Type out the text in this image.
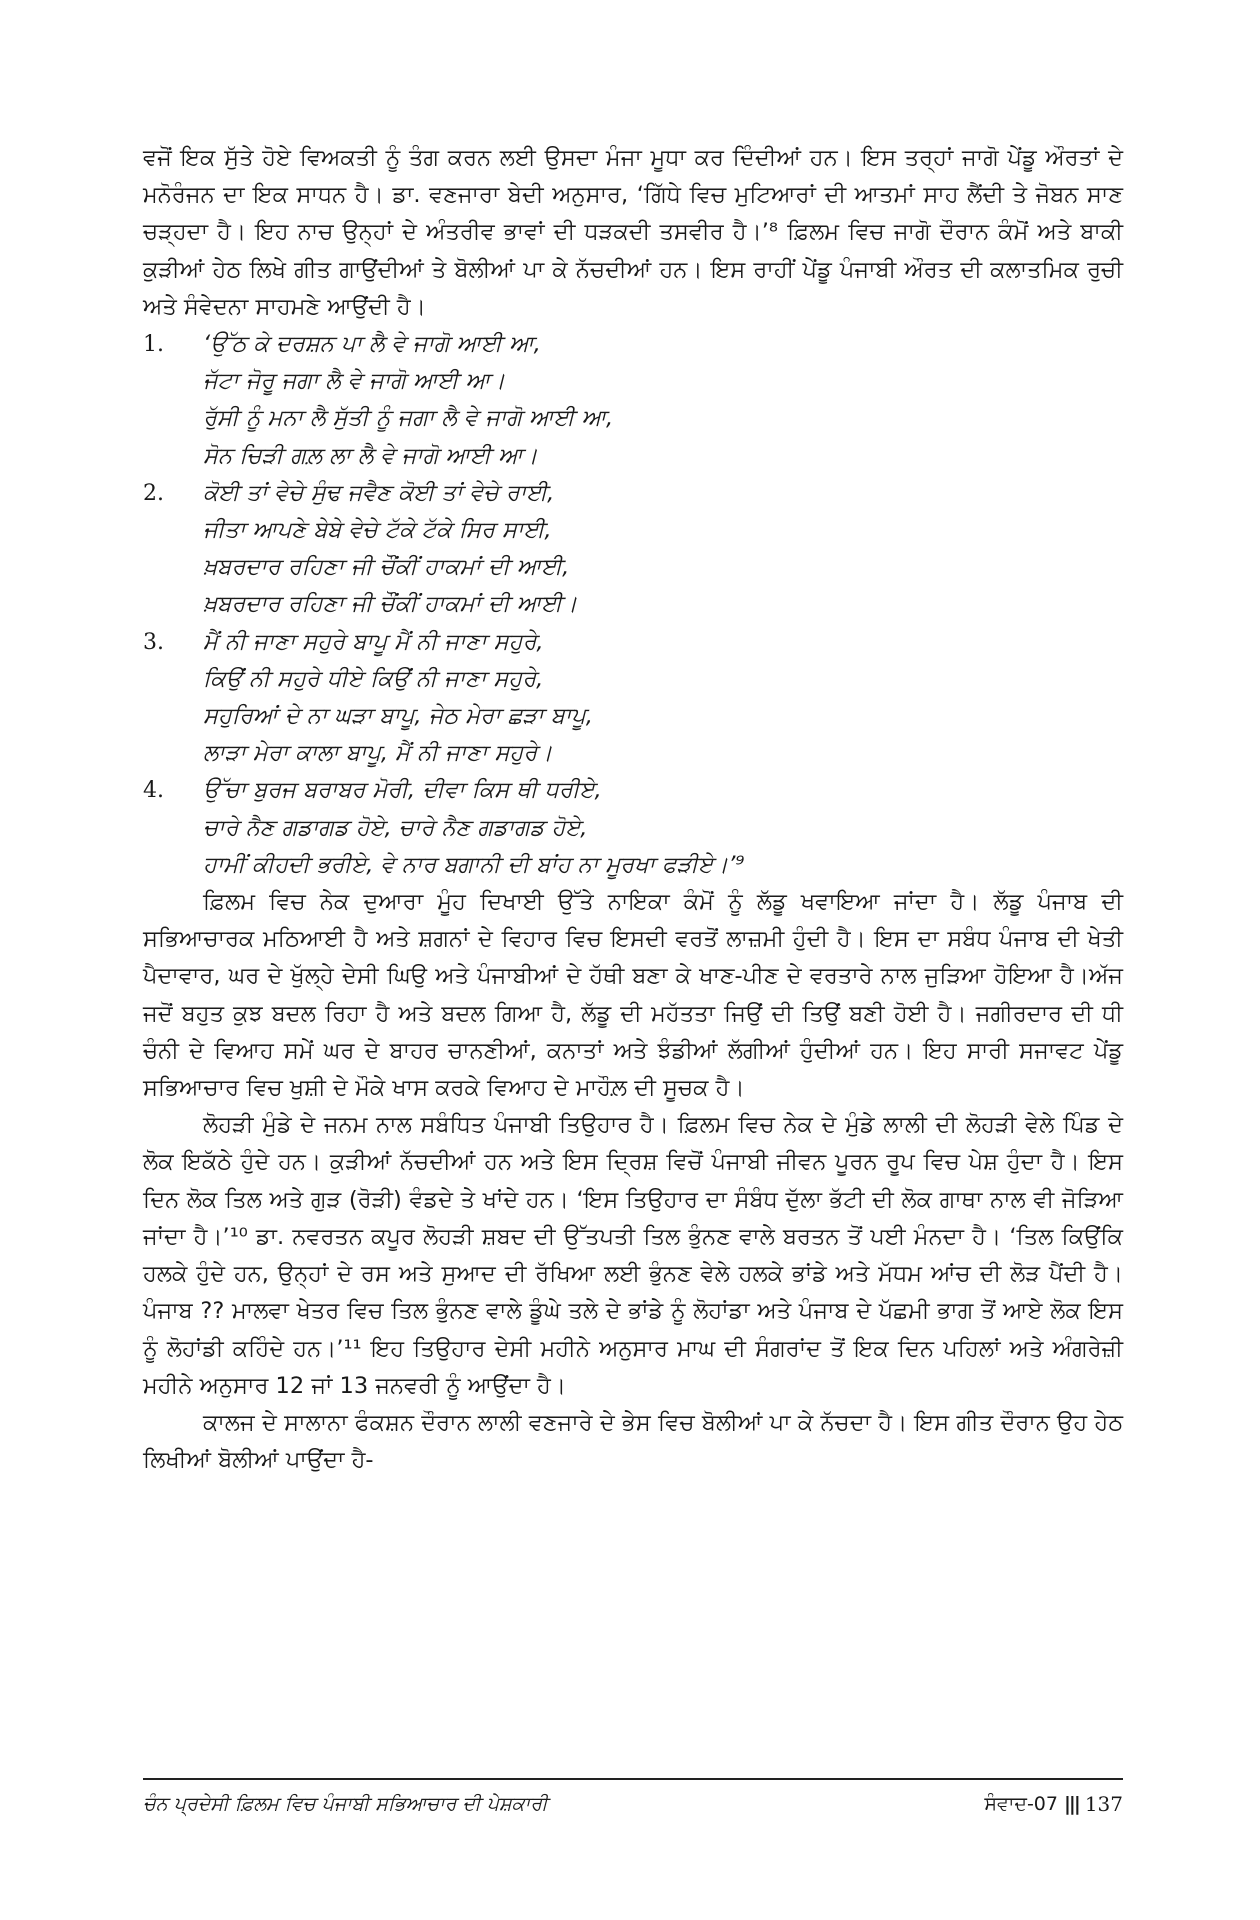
ਵਜੋਂ ਇਕ ਸੁੱਤੇ ਹੋਏ ਵਿਅਕਤੀ ਨੂੰ ਤੰਗ ਕਰਨ ਲਈ ਉਸਦਾ ਮੰਜਾ ਮੂਧਾ ਕਰ ਦਿੰਦੀਆਂ ਹਨ। ਇਸ ਤਰ੍ਹਾਂ ਜਾਗੋ ਪੇਂਡੂ ਔਰਤਾਂ ਦੇ ਮਨੋਰੰਜਨ ਦਾ ਇਕ ਸਾਧਨ ਹੈ। ਡਾ. ਵਣਜਾਰਾ ਬੇਦੀ ਅਨੁਸਾਰ, ‘ਗਿੱਧੇ ਵਿਚ ਮੁਟਿਆਰਾਂ ਦੀ ਆਤਮਾਂ ਸਾਹ ਲੈਂਦੀ ਤੇ ਜੋਬਨ ਸਾਣ ਚੜ੍ਹਦਾ ਹੈ। ਇਹ ਨਾਚ ਉਨ੍ਹਾਂ ਦੇ ਅੰਤਰੀਵ ਭਾਵਾਂ ਦੀ ਧੜਕਦੀ ਤਸਵੀਰ ਹੈ।’⁸ ਫ਼ਿਲਮ ਵਿਚ ਜਾਗੋ ਦੌਰਾਨ ਕੰਮੋਂ ਅਤੇ ਬਾਕੀ ਕੁੜੀਆਂ ਹੇਠ ਲਿਖੇ ਗੀਤ ਗਾਉਂਦੀਆਂ ਤੇ ਬੋਲੀਆਂ ਪਾ ਕੇ ਨੱਚਦੀਆਂ ਹਨ। ਇਸ ਰਾਹੀਂ ਪੇਂਡੂ ਪੰਜਾਬੀ ਔਰਤ ਦੀ ਕਲਾਤਮਿਕ ਰੁਚੀ ਅਤੇ ਸੰਵੇਦਨਾ ਸਾਹਮਣੇ ਆਉਂਦੀ ਹੈ।

1.	‘ਉੱਠ ਕੇ ਦਰਸ਼ਨ ਪਾ ਲੈ ਵੇ ਜਾਗੋ ਆਈ ਆ,
ਜੱਟਾ ਜੋਰੂ ਜਗਾ ਲੈ ਵੇ ਜਾਗੋ ਆਈ ਆ।
ਰੁੱਸੀ ਨੂੰ ਮਨਾ ਲੈ ਸੁੱਤੀ ਨੂੰ ਜਗਾ ਲੈ ਵੇ ਜਾਗੋ ਆਈ ਆ,
ਸੋਨ ਚਿੜੀ ਗਲ਼ ਲਾ ਲੈ ਵੇ ਜਾਗੋ ਆਈ ਆ।
2.	ਕੋਈ ਤਾਂ ਵੇਚੇ ਸੁੰਢ ਜਵੈਣ ਕੋਈ ਤਾਂ ਵੇਚੇ ਰਾਈ,
ਜੀਤਾ ਆਪਣੇ ਬੇਬੇ ਵੇਚੇ ਟੱਕੇ ਟੱਕੇ ਸਿਰ ਸਾਈ,
ਖ਼ਬਰਦਾਰ ਰਹਿਣਾ ਜੀ ਚੌਂਕੀਂ ਹਾਕਮਾਂ ਦੀ ਆਈ,
ਖ਼ਬਰਦਾਰ ਰਹਿਣਾ ਜੀ ਚੌਂਕੀਂ ਹਾਕਮਾਂ ਦੀ ਆਈ।
3.	ਮੈਂ ਨੀ ਜਾਣਾ ਸਹੁਰੇ ਬਾਪੂ ਮੈਂ ਨੀ ਜਾਣਾ ਸਹੁਰੇ,
ਕਿਉਂ ਨੀ ਸਹੁਰੇ ਧੀਏ ਕਿਉਂ ਨੀ ਜਾਣਾ ਸਹੁਰੇ,
ਸਹੁਰਿਆਂ ਦੇ ਨਾ ਘੜਾ ਬਾਪੂ, ਜੇਠ ਮੇਰਾ ਛੜਾ ਬਾਪੂ,
ਲਾੜਾ ਮੇਰਾ ਕਾਲਾ ਬਾਪੂ, ਮੈਂ ਨੀ ਜਾਣਾ ਸਹੁਰੇ।
4.	ਉੱਚਾ ਬੁਰਜ ਬਰਾਬਰ ਮੋਰੀ, ਦੀਵਾ ਕਿਸ ਥੀ ਧਰੀਏ,
ਚਾਰੇ ਨੈਣ ਗਡਾਗਡ ਹੋਏ, ਚਾਰੇ ਨੈਣ ਗਡਾਗਡ ਹੋਏ,
ਹਾਮੀਂ ਕੀਹਦੀ ਭਰੀਏ, ਵੇ ਨਾਰ ਬਗਾਨੀ ਦੀ ਬਾਂਹ ਨਾ ਮੂਰਖਾ ਫੜੀਏ।’⁹

ਫ਼ਿਲਮ ਵਿਚ ਨੇਕ ਦੁਆਰਾ ਮੂੰਹ ਦਿਖਾਈ ਉੱਤੇ ਨਾਇਕਾ ਕੰਮੋਂ ਨੂੰ ਲੱਡੂ ਖਵਾਇਆ ਜਾਂਦਾ ਹੈ। ਲੱਡੂ ਪੰਜਾਬ ਦੀ ਸਭਿਆਚਾਰਕ ਮਠਿਆਈ ਹੈ ਅਤੇ ਸ਼ਗਨਾਂ ਦੇ ਵਿਹਾਰ ਵਿਚ ਇਸਦੀ ਵਰਤੋਂ ਲਾਜ਼ਮੀ ਹੁੰਦੀ ਹੈ। ਇਸ ਦਾ ਸਬੰਧ ਪੰਜਾਬ ਦੀ ਖੇਤੀ ਪੈਦਾਵਾਰ, ਘਰ ਦੇ ਖੁੱਲ੍ਹੇ ਦੇਸੀ ਘਿਉ ਅਤੇ ਪੰਜਾਬੀਆਂ ਦੇ ਹੱਥੀ ਬਣਾ ਕੇ ਖਾਣ-ਪੀਣ ਦੇ ਵਰਤਾਰੇ ਨਾਲ ਜੁੜਿਆ ਹੋਇਆ ਹੈ।ਅੱਜ ਜਦੋਂ ਬਹੁਤ ਕੁਝ ਬਦਲ ਰਿਹਾ ਹੈ ਅਤੇ ਬਦਲ ਗਿਆ ਹੈ, ਲੱਡੂ ਦੀ ਮਹੱਤਤਾ ਜਿਉਂ ਦੀ ਤਿਉਂ ਬਣੀ ਹੋਈ ਹੈ। ਜਗੀਰਦਾਰ ਦੀ ਧੀ ਚੰਨੀ ਦੇ ਵਿਆਹ ਸਮੇਂ ਘਰ ਦੇ ਬਾਹਰ ਚਾਨਣੀਆਂ, ਕਨਾਤਾਂ ਅਤੇ ਝੰਡੀਆਂ ਲੱਗੀਆਂ ਹੁੰਦੀਆਂ ਹਨ। ਇਹ ਸਾਰੀ ਸਜਾਵਟ ਪੇਂਡੂ ਸਭਿਆਚਾਰ ਵਿਚ ਖੁਸ਼ੀ ਦੇ ਮੌਕੇ ਖਾਸ ਕਰਕੇ ਵਿਆਹ ਦੇ ਮਾਹੌਲ਼ ਦੀ ਸੂਚਕ ਹੈ।

ਲੋਹੜੀ ਮੁੰਡੇ ਦੇ ਜਨਮ ਨਾਲ ਸਬੰਧਿਤ ਪੰਜਾਬੀ ਤਿਉਹਾਰ ਹੈ। ਫ਼ਿਲਮ ਵਿਚ ਨੇਕ ਦੇ ਮੁੰਡੇ ਲਾਲੀ ਦੀ ਲੋਹੜੀ ਵੇਲੇ ਪਿੰਡ ਦੇ ਲੋਕ ਇਕੱਠੇ ਹੁੰਦੇ ਹਨ। ਕੁੜੀਆਂ ਨੱਚਦੀਆਂ ਹਨ ਅਤੇ ਇਸ ਦ੍ਰਿਸ਼ ਵਿਚੋਂ ਪੰਜਾਬੀ ਜੀਵਨ ਪੂਰਨ ਰੂਪ ਵਿਚ ਪੇਸ਼ ਹੁੰਦਾ ਹੈ। ਇਸ ਦਿਨ ਲੋਕ ਤਿਲ ਅਤੇ ਗੁੜ (ਰੋੜੀ) ਵੰਡਦੇ ਤੇ ਖਾਂਦੇ ਹਨ। ‘ਇਸ ਤਿਉਹਾਰ ਦਾ ਸੰਬੰਧ ਦੁੱਲਾ ਭੱਟੀ ਦੀ ਲੋਕ ਗਾਥਾ ਨਾਲ ਵੀ ਜੋੜਿਆ ਜਾਂਦਾ ਹੈ।’¹⁰ ਡਾ. ਨਵਰਤਨ ਕਪੂਰ ਲੋਹੜੀ ਸ਼ਬਦ ਦੀ ਉੱਤਪਤੀ ਤਿਲ ਭੁੰਨਣ ਵਾਲੇ ਬਰਤਨ ਤੋਂ ਪਈ ਮੰਨਦਾ ਹੈ। ‘ਤਿਲ ਕਿਉਂਕਿ ਹਲਕੇ ਹੁੰਦੇ ਹਨ, ਉਨ੍ਹਾਂ ਦੇ ਰਸ ਅਤੇ ਸੁਆਦ ਦੀ ਰੱਖਿਆ ਲਈ ਭੁੰਨਣ ਵੇਲੇ ਹਲਕੇ ਭਾਂਡੇ ਅਤੇ ਮੱਧਮ ਆਂਚ ਦੀ ਲੋੜ ਪੈਂਦੀ ਹੈ। ਪੰਜਾਬ ?? ਮਾਲਵਾ ਖੇਤਰ ਵਿਚ ਤਿਲ ਭੁੰਨਣ ਵਾਲੇ ਡੂੰਘੇ ਤਲੇ ਦੇ ਭਾਂਡੇ ਨੂੰ ਲੋਹਾਂਡਾ ਅਤੇ ਪੰਜਾਬ ਦੇ ਪੱਛਮੀ ਭਾਗ ਤੋਂ ਆਏ ਲੋਕ ਇਸ ਨੂੰ ਲੋਹਾਂਡੀ ਕਹਿੰਦੇ ਹਨ।’¹¹ ਇਹ ਤਿਉਹਾਰ ਦੇਸੀ ਮਹੀਨੇ ਅਨੁਸਾਰ ਮਾਘ ਦੀ ਸੰਗਰਾਂਦ ਤੋਂ ਇਕ ਦਿਨ ਪਹਿਲਾਂ ਅਤੇ ਅੰਗਰੇਜ਼ੀ ਮਹੀਨੇ ਅਨੁਸਾਰ 12 ਜਾਂ 13 ਜਨਵਰੀ ਨੂੰ ਆਉਂਦਾ ਹੈ।

ਕਾਲਜ ਦੇ ਸਾਲਾਨਾ ਫੰਕਸ਼ਨ ਦੌਰਾਨ ਲਾਲੀ ਵਣਜਾਰੇ ਦੇ ਭੇਸ ਵਿਚ ਬੋਲੀਆਂ ਪਾ ਕੇ ਨੱਚਦਾ ਹੈ। ਇਸ ਗੀਤ ਦੌਰਾਨ ਉਹ ਹੇਠ ਲਿਖੀਆਂ ਬੋਲੀਆਂ ਪਾਉਂਦਾ ਹੈ-

ਚੰਨ ਪ੍ਰਦੇਸੀ ਫ਼ਿਲਮ ਵਿਚ ਪੰਜਾਬੀ ਸਭਿਆਚਾਰ ਦੀ ਪੇਸ਼ਕਾਰੀ	ਸੰਵਾਦ-07 ||| 137
